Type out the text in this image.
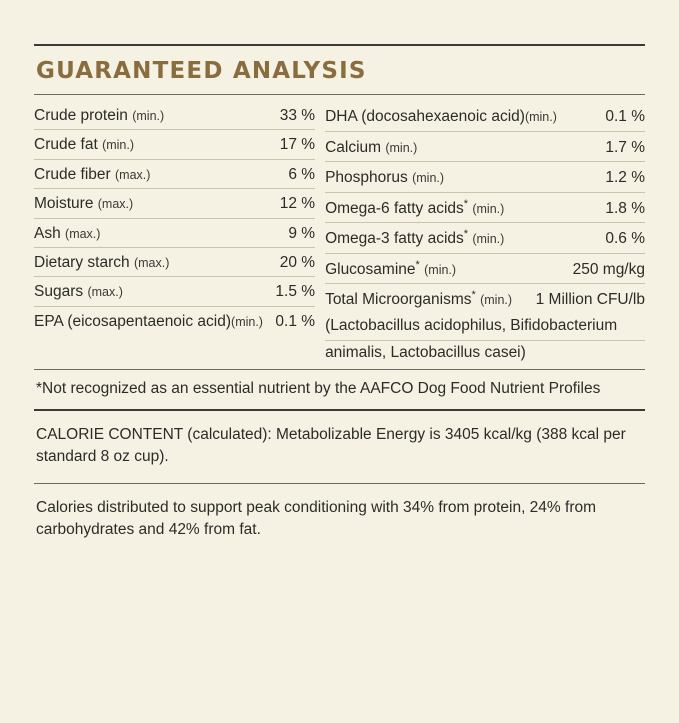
GUARANTEED ANALYSIS
Crude protein (min.)	33 %
Crude fat (min.)	17 %
Crude fiber (max.)	6 %
Moisture (max.)	12 %
Ash (max.)	9 %
Dietary starch (max.)	20 %
Sugars (max.)	1.5 %
EPA (eicosapentaenoic acid)(min.) 0.1 %
DHA (docosahexaenoic acid)(min.)	0.1 %
Calcium (min.)	1.7 %
Phosphorus (min.)	1.2 %
Omega-6 fatty acids* (min.)	1.8 %
Omega-3 fatty acids* (min.)	0.6 %
Glucosamine* (min.)	250 mg/kg
Total Microorganisms* (min.)	1 Million CFU/lb
(Lactobacillus acidophilus, Bifidobacterium
animalis, Lactobacillus casei)
*Not recognized as an essential nutrient by the AAFCO Dog Food Nutrient Profiles
CALORIE CONTENT (calculated): Metabolizable Energy is 3405 kcal/kg (388 kcal per standard 8 oz cup).
Calories distributed to support peak conditioning with 34% from protein, 24% from carbohydrates and 42% from fat.
